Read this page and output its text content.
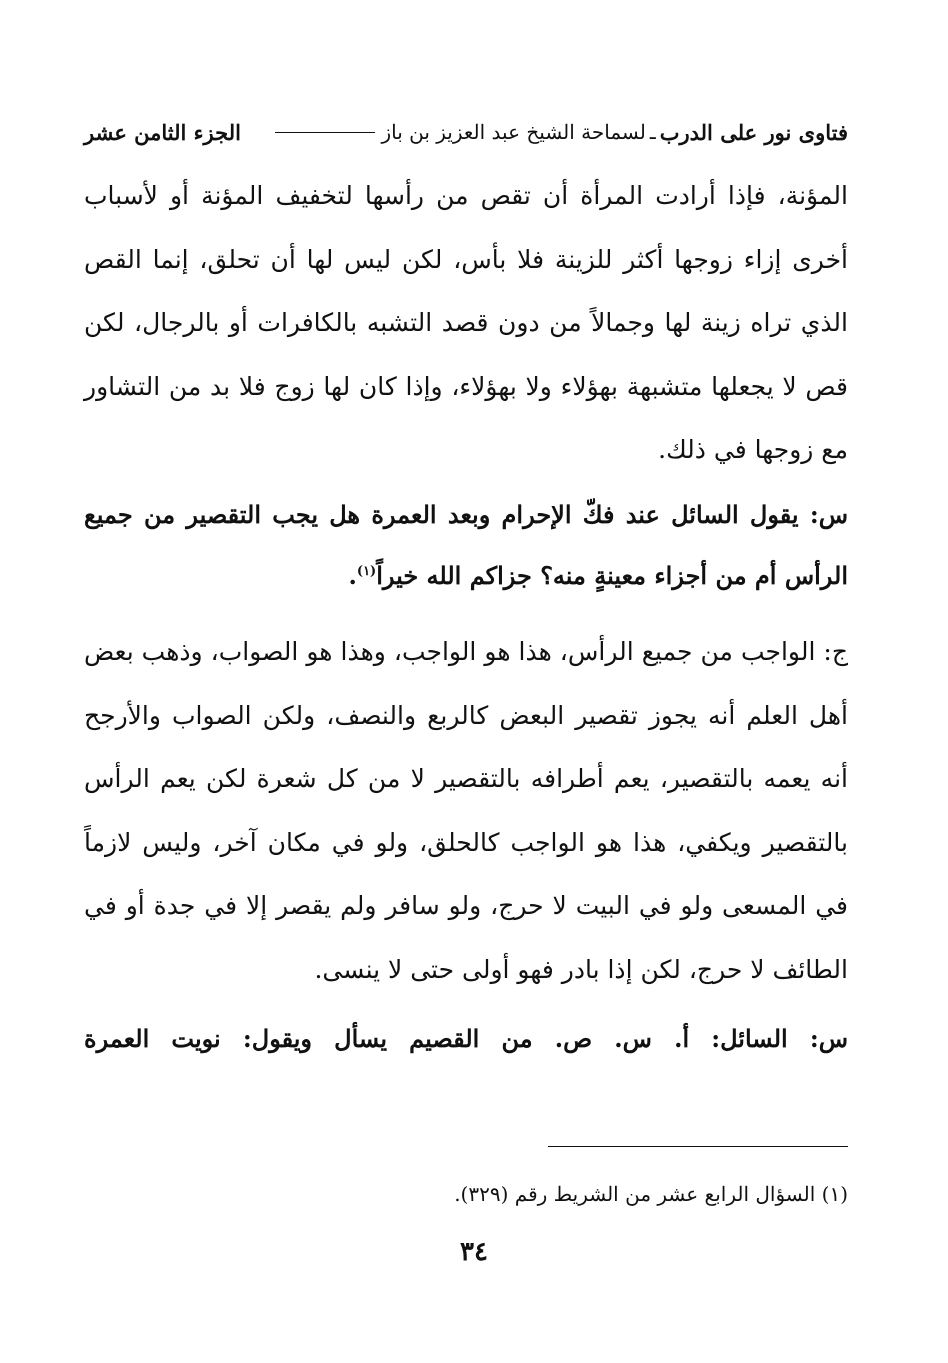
فتاوى نور على الدرب
ـ
لسماحة الشيخ عبد العزيز بن باز
الجزء الثامن عشر
المؤنة، فإذا أرادت المرأة أن تقص من رأسها لتخفيف المؤنة أو لأسباب أخرى إزاء زوجها أكثر للزينة فلا بأس، لكن ليس لها أن تحلق، إنما القص الذي تراه زينة لها وجمالاً من دون قصد التشبه بالكافرات أو بالرجال، لكن قص لا يجعلها متشبهة بهؤلاء ولا بهؤلاء، وإذا كان لها زوج فلا بد من التشاور مع زوجها في ذلك.
س: يقول السائل عند فكّ الإحرام وبعد العمرة هل يجب التقصير من جميع الرأس أم من أجزاء معينةٍ منه؟ جزاكم الله خيراً$^{(١)}$.
ج: الواجب من جميع الرأس، هذا هو الواجب، وهذا هو الصواب، وذهب بعض أهل العلم أنه يجوز تقصير البعض كالربع والنصف، ولكن الصواب والأرجح أنه يعمه بالتقصير، يعم أطرافه بالتقصير لا من كل شعرة لكن يعم الرأس بالتقصير ويكفي، هذا هو الواجب كالحلق، ولو في مكان آخر، وليس لازماً في المسعى ولو في البيت لا حرج، ولو سافر ولم يقصر إلا في جدة أو في الطائف لا حرج، لكن إذا بادر فهو أولى حتى لا ينسى.
س: السائل: أ. س. ص. من القصيم يسأل ويقول: نويت العمرة
(١) السؤال الرابع عشر من الشريط رقم (٣٢٩).
٣٤
